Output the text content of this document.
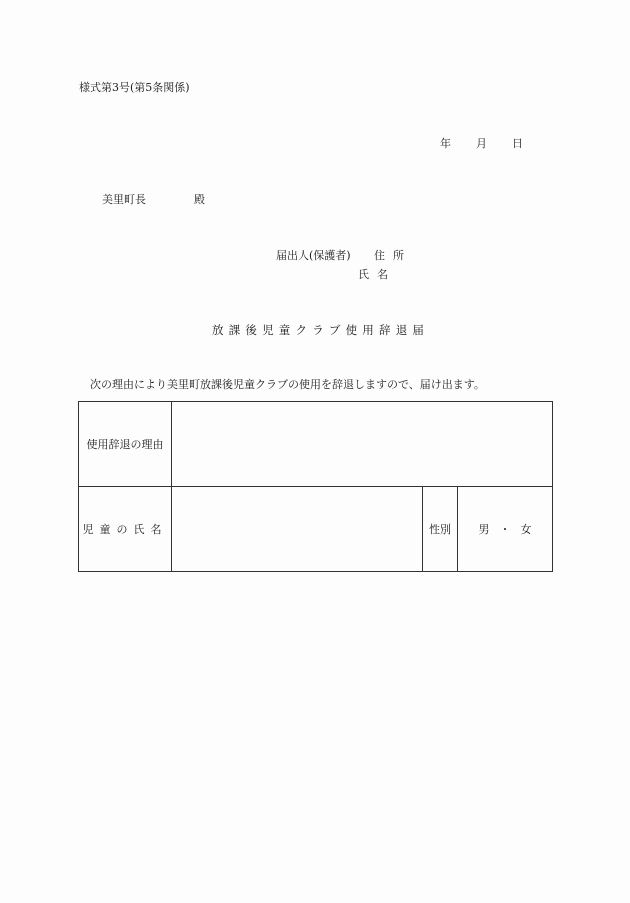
様式第3号(第5条関係)
年 月 日
美里町長	殿
届出人(保護者) 住所
氏名
放課後児童クラブ使用辞退届
次の理由により美里町放課後児童クラブの使用を辞退しますので、届け出ます。
使用辞退の理由			
児童の氏名		性別	男 ・ 女
